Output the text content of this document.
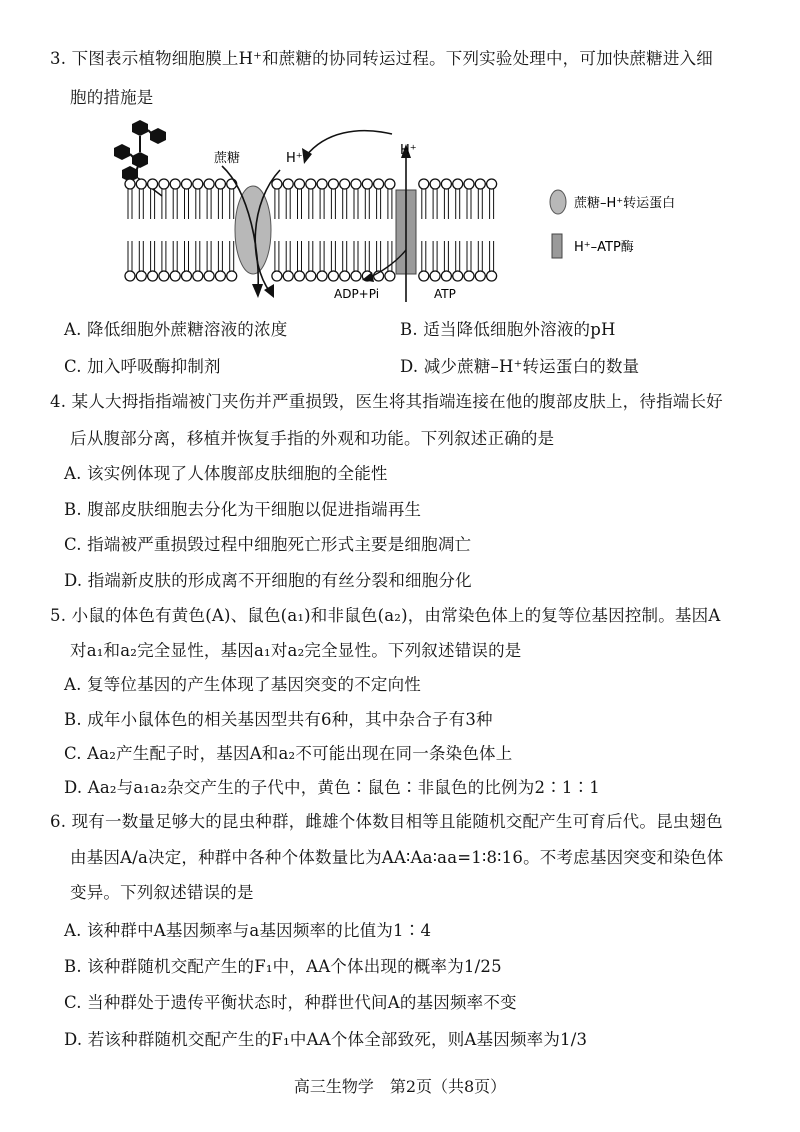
3. 下图表示植物细胞膜上H⁺和蔗糖的协同转运过程。下列实验处理中，可加快蔗糖进入细
胞的措施是
蔗糖	H⁺
H⁺
ADP+Pi	ATP
蔗糖–H⁺转运蛋白
H⁺–ATP酶
A. 降低细胞外蔗糖溶液的浓度	B. 适当降低细胞外溶液的pH
C. 加入呼吸酶抑制剂	D. 减少蔗糖–H⁺转运蛋白的数量
4. 某人大拇指指端被门夹伤并严重损毁，医生将其指端连接在他的腹部皮肤上，待指端长好
后从腹部分离，移植并恢复手指的外观和功能。下列叙述正确的是
A. 该实例体现了人体腹部皮肤细胞的全能性
B. 腹部皮肤细胞去分化为干细胞以促进指端再生
C. 指端被严重损毁过程中细胞死亡形式主要是细胞凋亡
D. 指端新皮肤的形成离不开细胞的有丝分裂和细胞分化
5. 小鼠的体色有黄色(A)、鼠色(a₁)和非鼠色(a₂)，由常染色体上的复等位基因控制。基因A
对a₁和a₂完全显性，基因a₁对a₂完全显性。下列叙述错误的是
A. 复等位基因的产生体现了基因突变的不定向性
B. 成年小鼠体色的相关基因型共有6种，其中杂合子有3种
C. Aa₂产生配子时，基因A和a₂不可能出现在同一条染色体上
D. Aa₂与a₁a₂杂交产生的子代中，黄色∶鼠色∶非鼠色的比例为2∶1∶1
6. 现有一数量足够大的昆虫种群，雌雄个体数目相等且能随机交配产生可育后代。昆虫翅色
由基因A/a决定，种群中各种个体数量比为AA∶Aa∶aa=1∶8∶16。不考虑基因突变和染色体
变异。下列叙述错误的是
A. 该种群中A基因频率与a基因频率的比值为1∶4
B. 该种群随机交配产生的F₁中，AA个体出现的概率为1/25
C. 当种群处于遗传平衡状态时，种群世代间A的基因频率不变
D. 若该种群随机交配产生的F₁中AA个体全部致死，则A基因频率为1/3
高三生物学　第2页（共8页）
